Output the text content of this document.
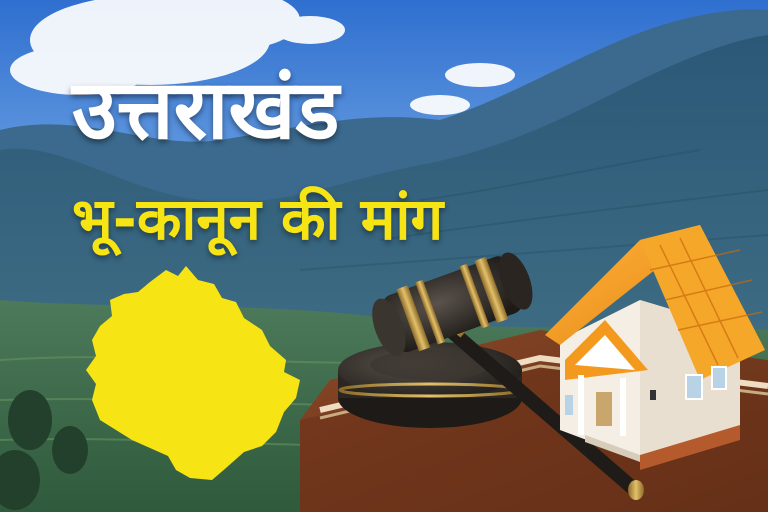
उत्तराखंड
भू-कानून की मांग
